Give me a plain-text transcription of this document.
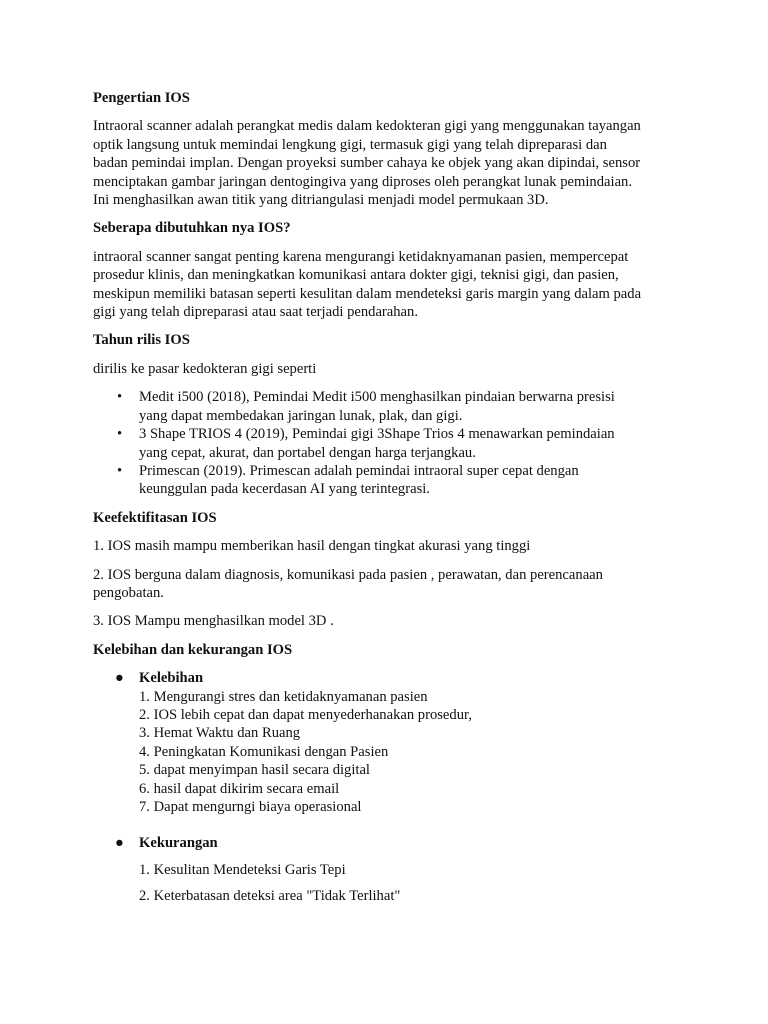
Pengertian IOS

Intraoral scanner adalah perangkat medis dalam kedokteran gigi yang menggunakan tayangan
optik langsung untuk memindai lengkung gigi, termasuk gigi yang telah dipreparasi dan
badan pemindai implan. Dengan proyeksi sumber cahaya ke objek yang akan dipindai, sensor
menciptakan gambar jaringan dentogingiva yang diproses oleh perangkat lunak pemindaian.
Ini menghasilkan awan titik yang ditriangulasi menjadi model permukaan 3D.

Seberapa dibutuhkan nya IOS?

intraoral scanner sangat penting karena mengurangi ketidaknyamanan pasien, mempercepat
prosedur klinis, dan meningkatkan komunikasi antara dokter gigi, teknisi gigi, dan pasien,
meskipun memiliki batasan seperti kesulitan dalam mendeteksi garis margin yang dalam pada
gigi yang telah dipreparasi atau saat terjadi pendarahan.

Tahun rilis IOS

dirilis ke pasar kedokteran gigi seperti

• Medit i500 (2018), Pemindai Medit i500 menghasilkan pindaian berwarna presisi
yang dapat membedakan jaringan lunak, plak, dan gigi.
• 3 Shape TRIOS 4 (2019), Pemindai gigi 3Shape Trios 4 menawarkan pemindaian
yang cepat, akurat, dan portabel dengan harga terjangkau.
• Primescan (2019). Primescan adalah pemindai intraoral super cepat dengan
keunggulan pada kecerdasan AI yang terintegrasi.
Keefektifitasan IOS

1. IOS masih mampu memberikan hasil dengan tingkat akurasi yang tinggi

2. IOS berguna dalam diagnosis, komunikasi pada pasien , perawatan, dan perencanaan
pengobatan.

3. IOS Mampu menghasilkan model 3D .

Kelebihan dan kekurangan IOS
● Kelebihan
1. Mengurangi stres dan ketidaknyamanan pasien
2. IOS lebih cepat dan dapat menyederhanakan prosedur,
3. Hemat Waktu dan Ruang
4. Peningkatan Komunikasi dengan Pasien
5. dapat menyimpan hasil secara digital
6. hasil dapat dikirim secara email
7. Dapat mengurngi biaya operasional
● Kekurangan
1. Kesulitan Mendeteksi Garis Tepi
2. Keterbatasan deteksi area "Tidak Terlihat"
